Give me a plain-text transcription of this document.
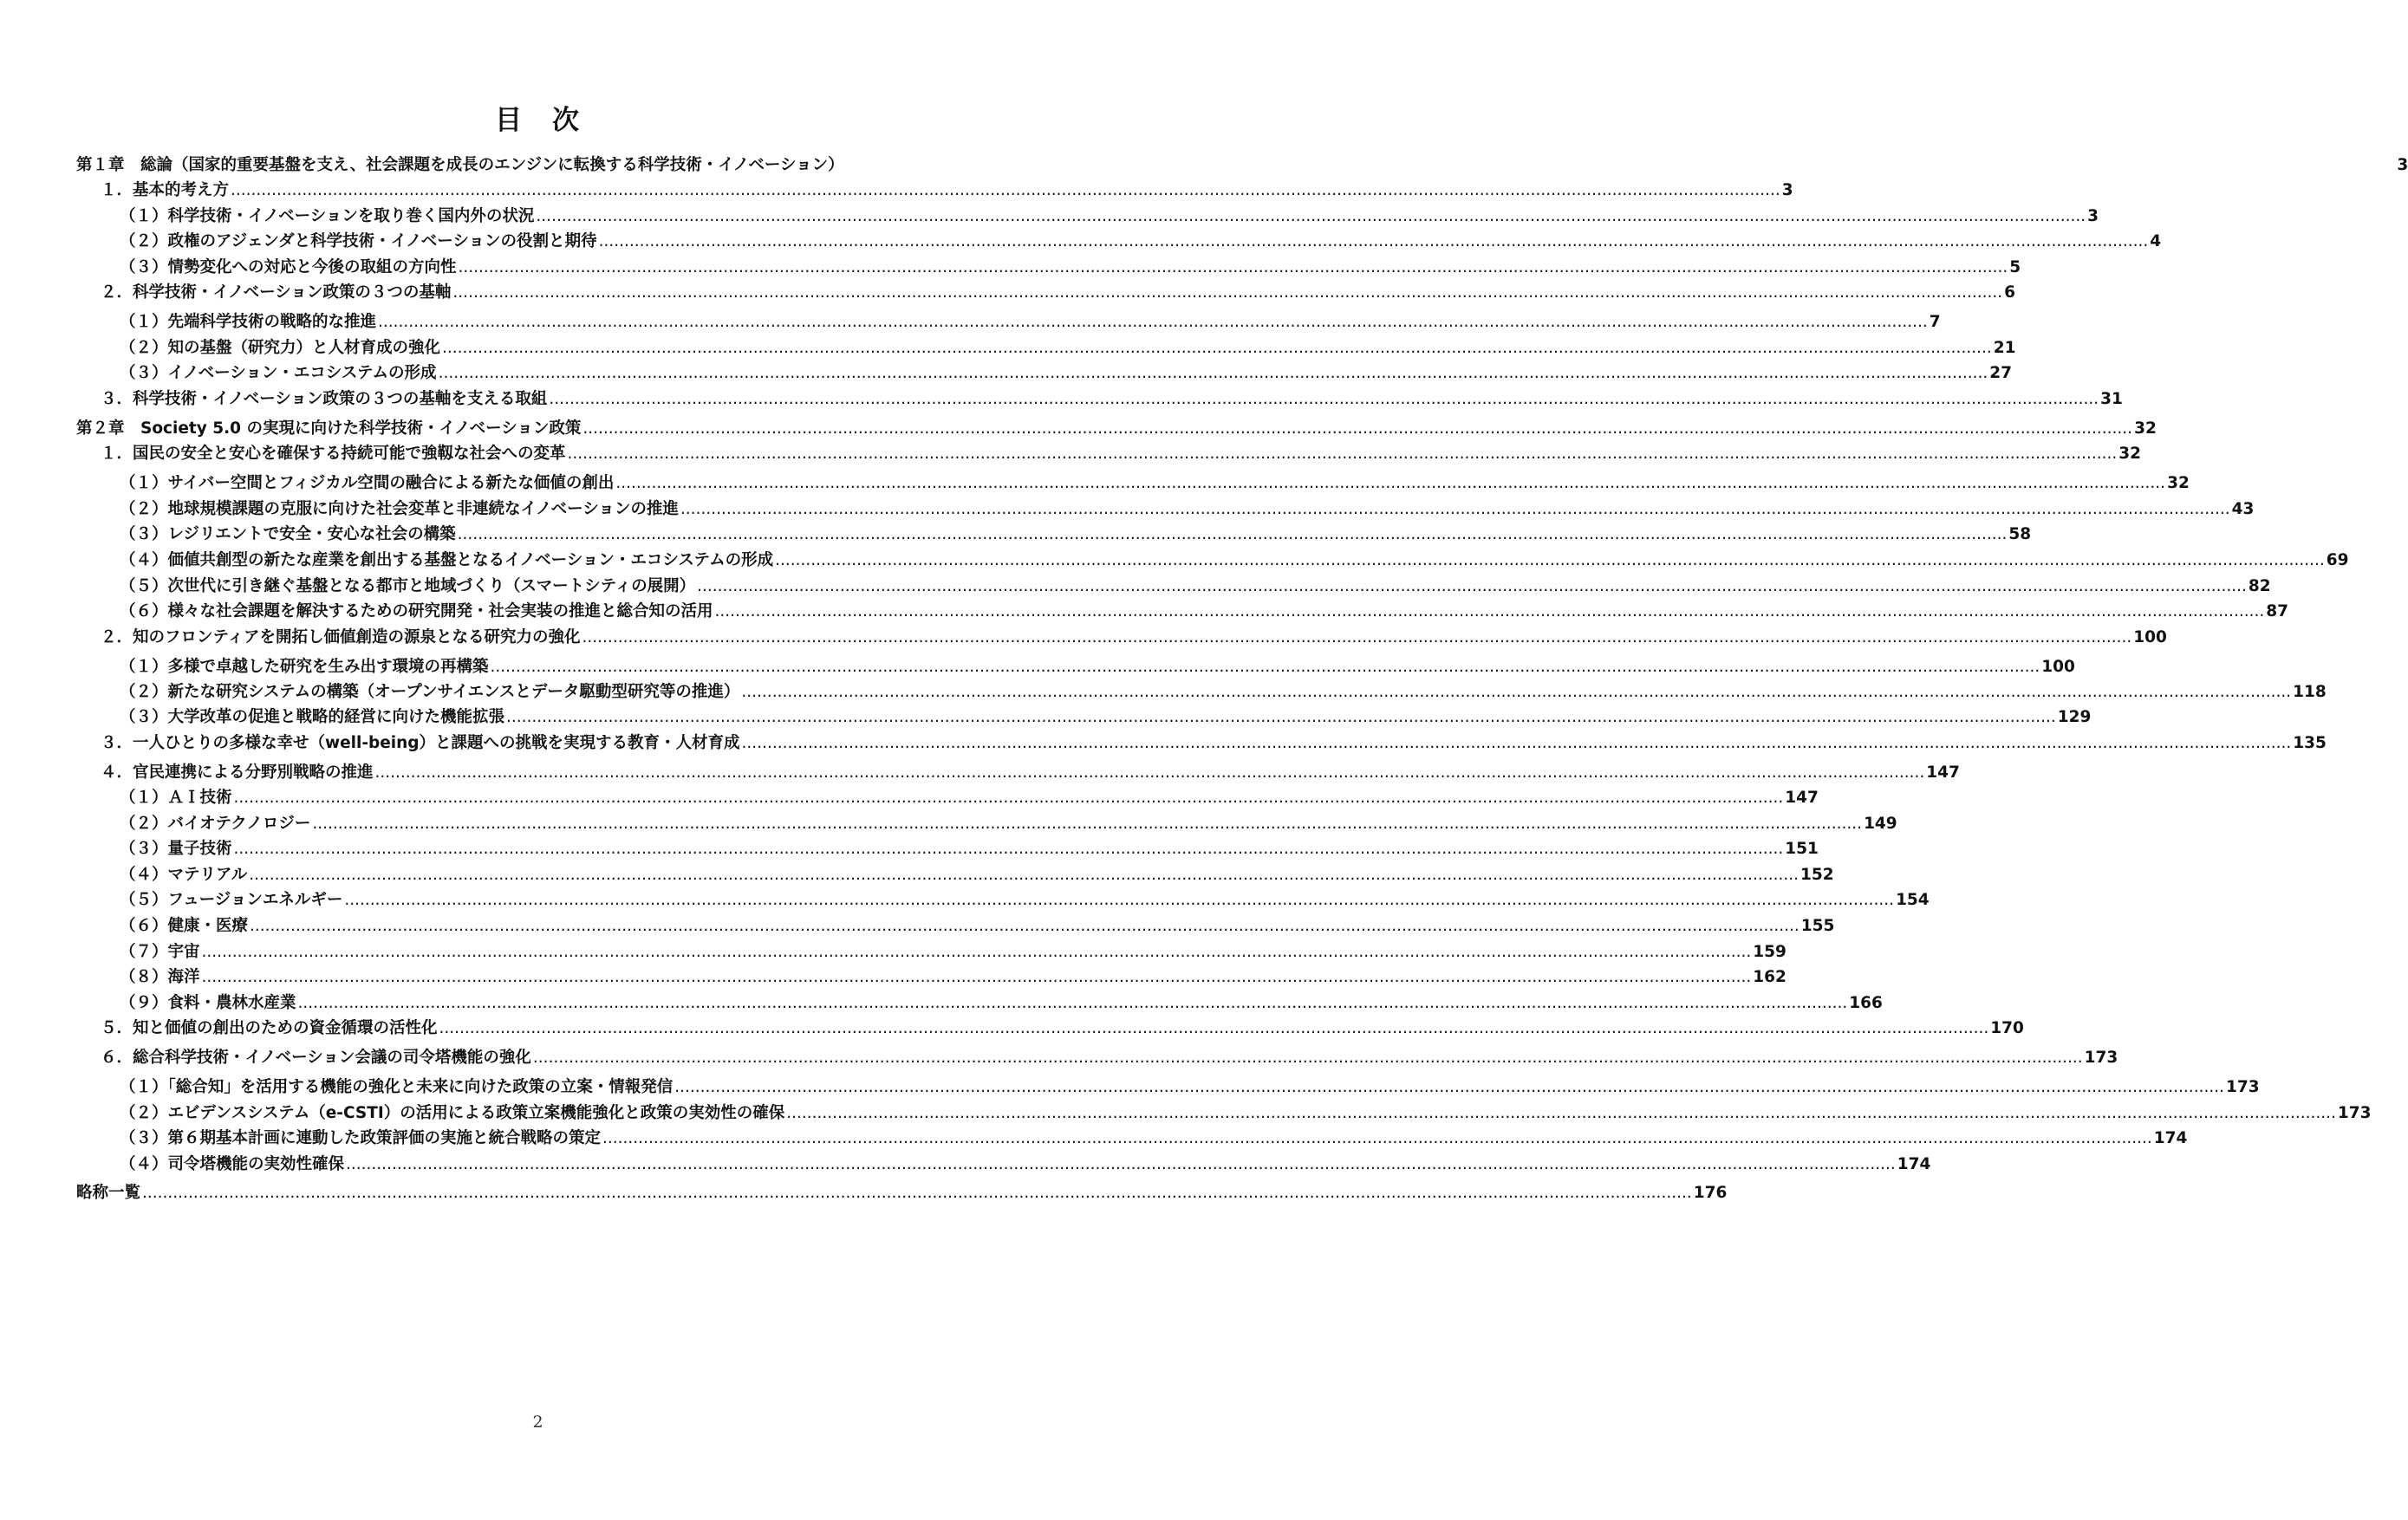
目　次
第１章　総論（国家的重要基盤を支え、社会課題を成長のエンジンに転換する科学技術・イノベーション）	3
１．基本的考え方 .....	3
（１）科学技術・イノベーションを取り巻く国内外の状況 .....	3
（２）政権のアジェンダと科学技術・イノベーションの役割と期待 .....	4
（３）情勢変化への対応と今後の取組の方向性 .....	5
２．科学技術・イノベーション政策の３つの基軸 .....	6
（１）先端科学技術の戦略的な推進 .....	7
（２）知の基盤（研究力）と人材育成の強化 .....	21
（３）イノベーション・エコシステムの形成 .....	27
３．科学技術・イノベーション政策の３つの基軸を支える取組 .....	31
第２章　Society 5.0 の実現に向けた科学技術・イノベーション政策 .....	32
１．国民の安全と安心を確保する持続可能で強靱な社会への変革 .....	32
（１）サイバー空間とフィジカル空間の融合による新たな価値の創出 .....	32
（２）地球規模課題の克服に向けた社会変革と非連続なイノベーションの推進 .....	43
（３）レジリエントで安全・安心な社会の構築 .....	58
（４）価値共創型の新たな産業を創出する基盤となるイノベーション・エコシステムの形成 .....	69
（５）次世代に引き継ぐ基盤となる都市と地域づくり（スマートシティの展開） .....	82
（６）様々な社会課題を解決するための研究開発・社会実装の推進と総合知の活用 .....	87
２．知のフロンティアを開拓し価値創造の源泉となる研究力の強化 .....	100
（１）多様で卓越した研究を生み出す環境の再構築 .....	100
（２）新たな研究システムの構築（オープンサイエンスとデータ駆動型研究等の推進） .....	118
（３）大学改革の促進と戦略的経営に向けた機能拡張 .....	129
３．一人ひとりの多様な幸せ（well-being）と課題への挑戦を実現する教育・人材育成 .....	135
４．官民連携による分野別戦略の推進 .....	147
（１）ＡＩ技術 .....	147
（２）バイオテクノロジー .....	149
（３）量子技術 .....	151
（４）マテリアル .....	152
（５）フュージョンエネルギー .....	154
（６）健康・医療 .....	155
（７）宇宙 .....	159
（８）海洋 .....	162
（９）食料・農林水産業 .....	166
５．知と価値の創出のための資金循環の活性化 .....	170
６．総合科学技術・イノベーション会議の司令塔機能の強化 .....	173
（１）「総合知」を活用する機能の強化と未来に向けた政策の立案・情報発信 .....	173
（２）エビデンスシステム（e-CSTI）の活用による政策立案機能強化と政策の実効性の確保 .....	173
（３）第６期基本計画に連動した政策評価の実施と統合戦略の策定 .....	174
（４）司令塔機能の実効性確保 .....	174
略称一覧 .....	176
2
